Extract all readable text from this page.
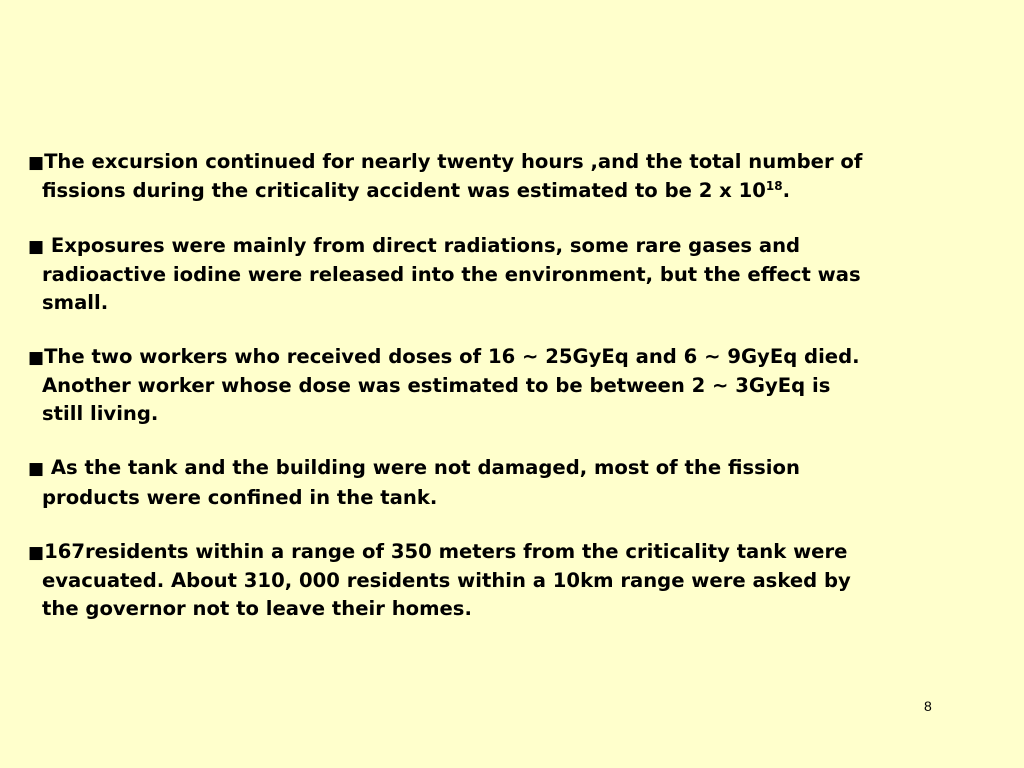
■The excursion continued for nearly twenty hours ,and the total number of
fissions during the criticality accident was estimated to be 2 x $10^{18}$.
■ Exposures were mainly from direct radiations, some rare gases and
radioactive iodine were released into the environment, but the effect was
small.
■The two workers who received doses of 16 ~ 25GyEq and 6 ~ 9GyEq died.
Another worker whose dose was estimated to be between 2 ~ 3GyEq is
still living.
■ As the tank and the building were not damaged, most of the fission
products were confined in the tank.
■167residents within a range of 350 meters from the criticality tank were
evacuated. About 310, 000 residents within a 10km range were asked by
the governor not to leave their homes.
8
